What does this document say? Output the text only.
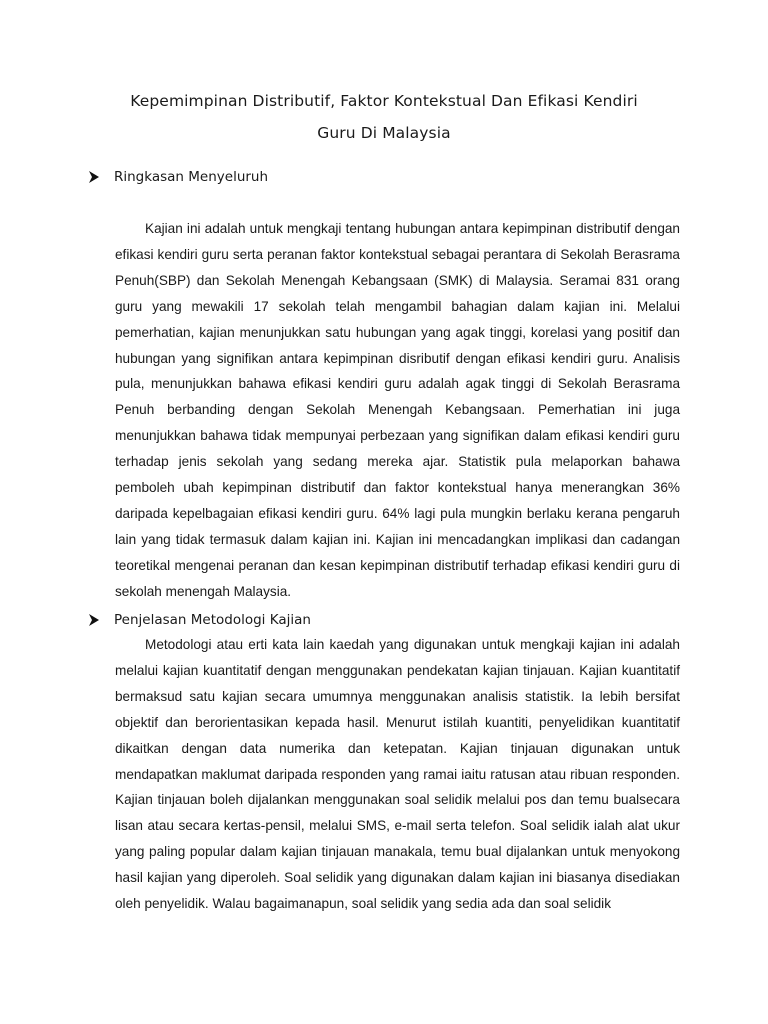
Kepemimpinan Distributif, Faktor Kontekstual Dan Efikasi Kendiri
Guru Di Malaysia
Ringkasan Menyeluruh

Kajian ini adalah untuk mengkaji tentang hubungan antara kepimpinan distributif dengan efikasi kendiri guru serta peranan faktor kontekstual sebagai perantara di Sekolah Berasrama Penuh(SBP) dan Sekolah Menengah Kebangsaan (SMK) di Malaysia. Seramai 831 orang guru yang mewakili 17 sekolah telah mengambil bahagian dalam kajian ini. Melalui pemerhatian, kajian menunjukkan satu hubungan yang agak tinggi, korelasi yang positif dan hubungan yang signifikan antara kepimpinan disributif dengan efikasi kendiri guru. Analisis pula, menunjukkan bahawa efikasi kendiri guru adalah agak tinggi di Sekolah Berasrama Penuh berbanding dengan Sekolah Menengah Kebangsaan. Pemerhatian ini juga menunjukkan bahawa tidak mempunyai perbezaan yang signifikan dalam efikasi kendiri guru terhadap jenis sekolah yang sedang mereka ajar. Statistik pula melaporkan bahawa pemboleh ubah kepimpinan distributif dan faktor kontekstual hanya menerangkan 36% daripada kepelbagaian efikasi kendiri guru. 64% lagi pula mungkin berlaku kerana pengaruh lain yang tidak termasuk dalam kajian ini. Kajian ini mencadangkan implikasi dan cadangan teoretikal mengenai peranan dan kesan kepimpinan distributif terhadap efikasi kendiri guru di sekolah menengah Malaysia.

Penjelasan Metodologi Kajian

Metodologi atau erti kata lain kaedah yang digunakan untuk mengkaji kajian ini adalah melalui kajian kuantitatif dengan menggunakan pendekatan kajian tinjauan. Kajian kuantitatif bermaksud satu kajian secara umumnya menggunakan analisis statistik. Ia lebih bersifat objektif dan berorientasikan kepada hasil. Menurut istilah kuantiti, penyelidikan kuantitatif dikaitkan dengan data numerika dan ketepatan. Kajian tinjauan digunakan untuk mendapatkan maklumat daripada responden yang ramai iaitu ratusan atau ribuan responden. Kajian tinjauan boleh dijalankan menggunakan soal selidik melalui pos dan temu bualsecara lisan atau secara kertas-pensil, melalui SMS, e-mail serta telefon. Soal selidik ialah alat ukur yang paling popular dalam kajian tinjauan manakala, temu bual dijalankan untuk menyokong hasil kajian yang diperoleh. Soal selidik yang digunakan dalam kajian ini biasanya disediakan oleh penyelidik. Walau bagaimanapun, soal selidik yang sedia ada dan soal selidik
